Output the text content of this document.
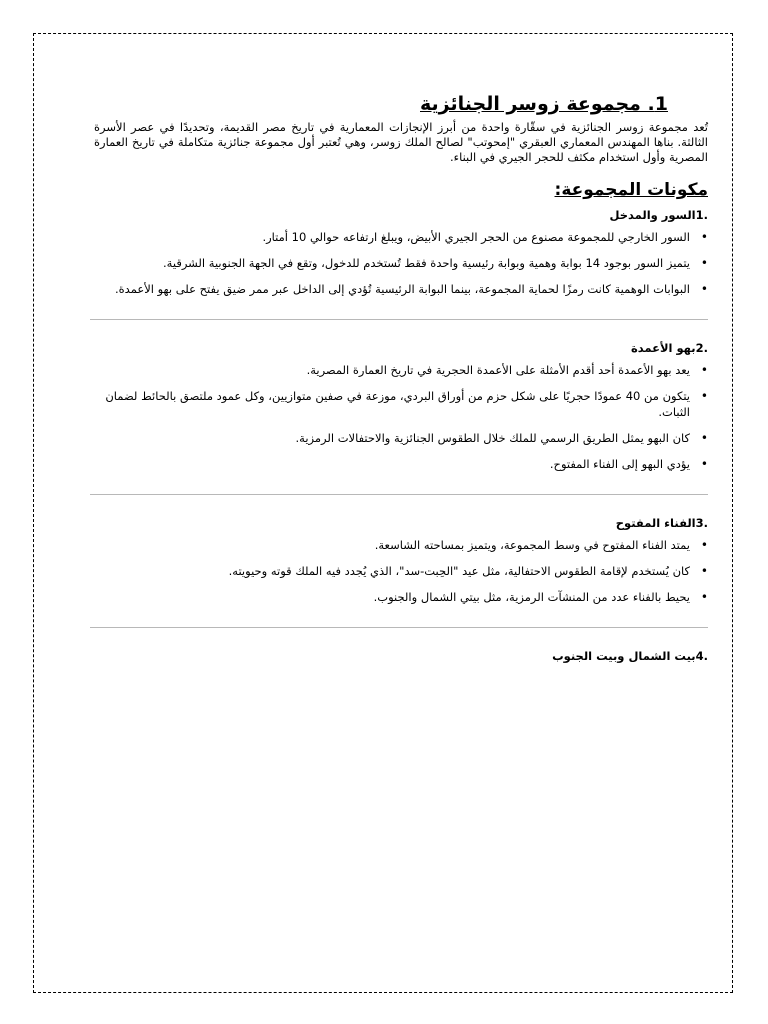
1. مجموعة زوسر الجنائزية

تُعد مجموعة زوسر الجنائزية في سقّارة واحدة من أبرز الإنجازات المعمارية في تاريخ مصر القديمة، وتحديدًا في عصر الأسرة الثالثة. بناها المهندس المعماري العبقري "إمحوتب" لصالح الملك زوسر، وهي تُعتبر أول مجموعة جنائزية متكاملة في تاريخ العمارة المصرية وأول استخدام مكثف للحجر الجيري في البناء.

مكونات المجموعة:
.1السور والمدخل
• السور الخارجي للمجموعة مصنوع من الحجر الجيري الأبيض، ويبلغ ارتفاعه حوالي 10 أمتار.
• يتميز السور بوجود 14 بوابة وهمية وبوابة رئيسية واحدة فقط تُستخدم للدخول، وتقع في الجهة الجنوبية الشرقية.
• البوابات الوهمية كانت رمزًا لحماية المجموعة، بينما البوابة الرئيسية تُؤدي إلى الداخل عبر ممر ضيق يفتح على بهو الأعمدة.
.2بهو الأعمدة
• يعد بهو الأعمدة أحد أقدم الأمثلة على الأعمدة الحجرية في تاريخ العمارة المصرية.
• يتكون من 40 عمودًا حجريًا على شكل حزم من أوراق البردي، موزعة في صفين متوازيين، وكل عمود ملتصق بالحائط لضمان الثبات.
• كان البهو يمثل الطريق الرسمي للملك خلال الطقوس الجنائزية والاحتفالات الرمزية.
• يؤدي البهو إلى الفناء المفتوح.
.3الفناء المفتوح
• يمتد الفناء المفتوح في وسط المجموعة، ويتميز بمساحته الشاسعة.
• كان يُستخدم لإقامة الطقوس الاحتفالية، مثل عيد "الحِبت-سد"، الذي يُجدد فيه الملك قوته وحيويته.
• يحيط بالفناء عدد من المنشآت الرمزية، مثل بيتي الشمال والجنوب.
.4بيت الشمال وبيت الجنوب
